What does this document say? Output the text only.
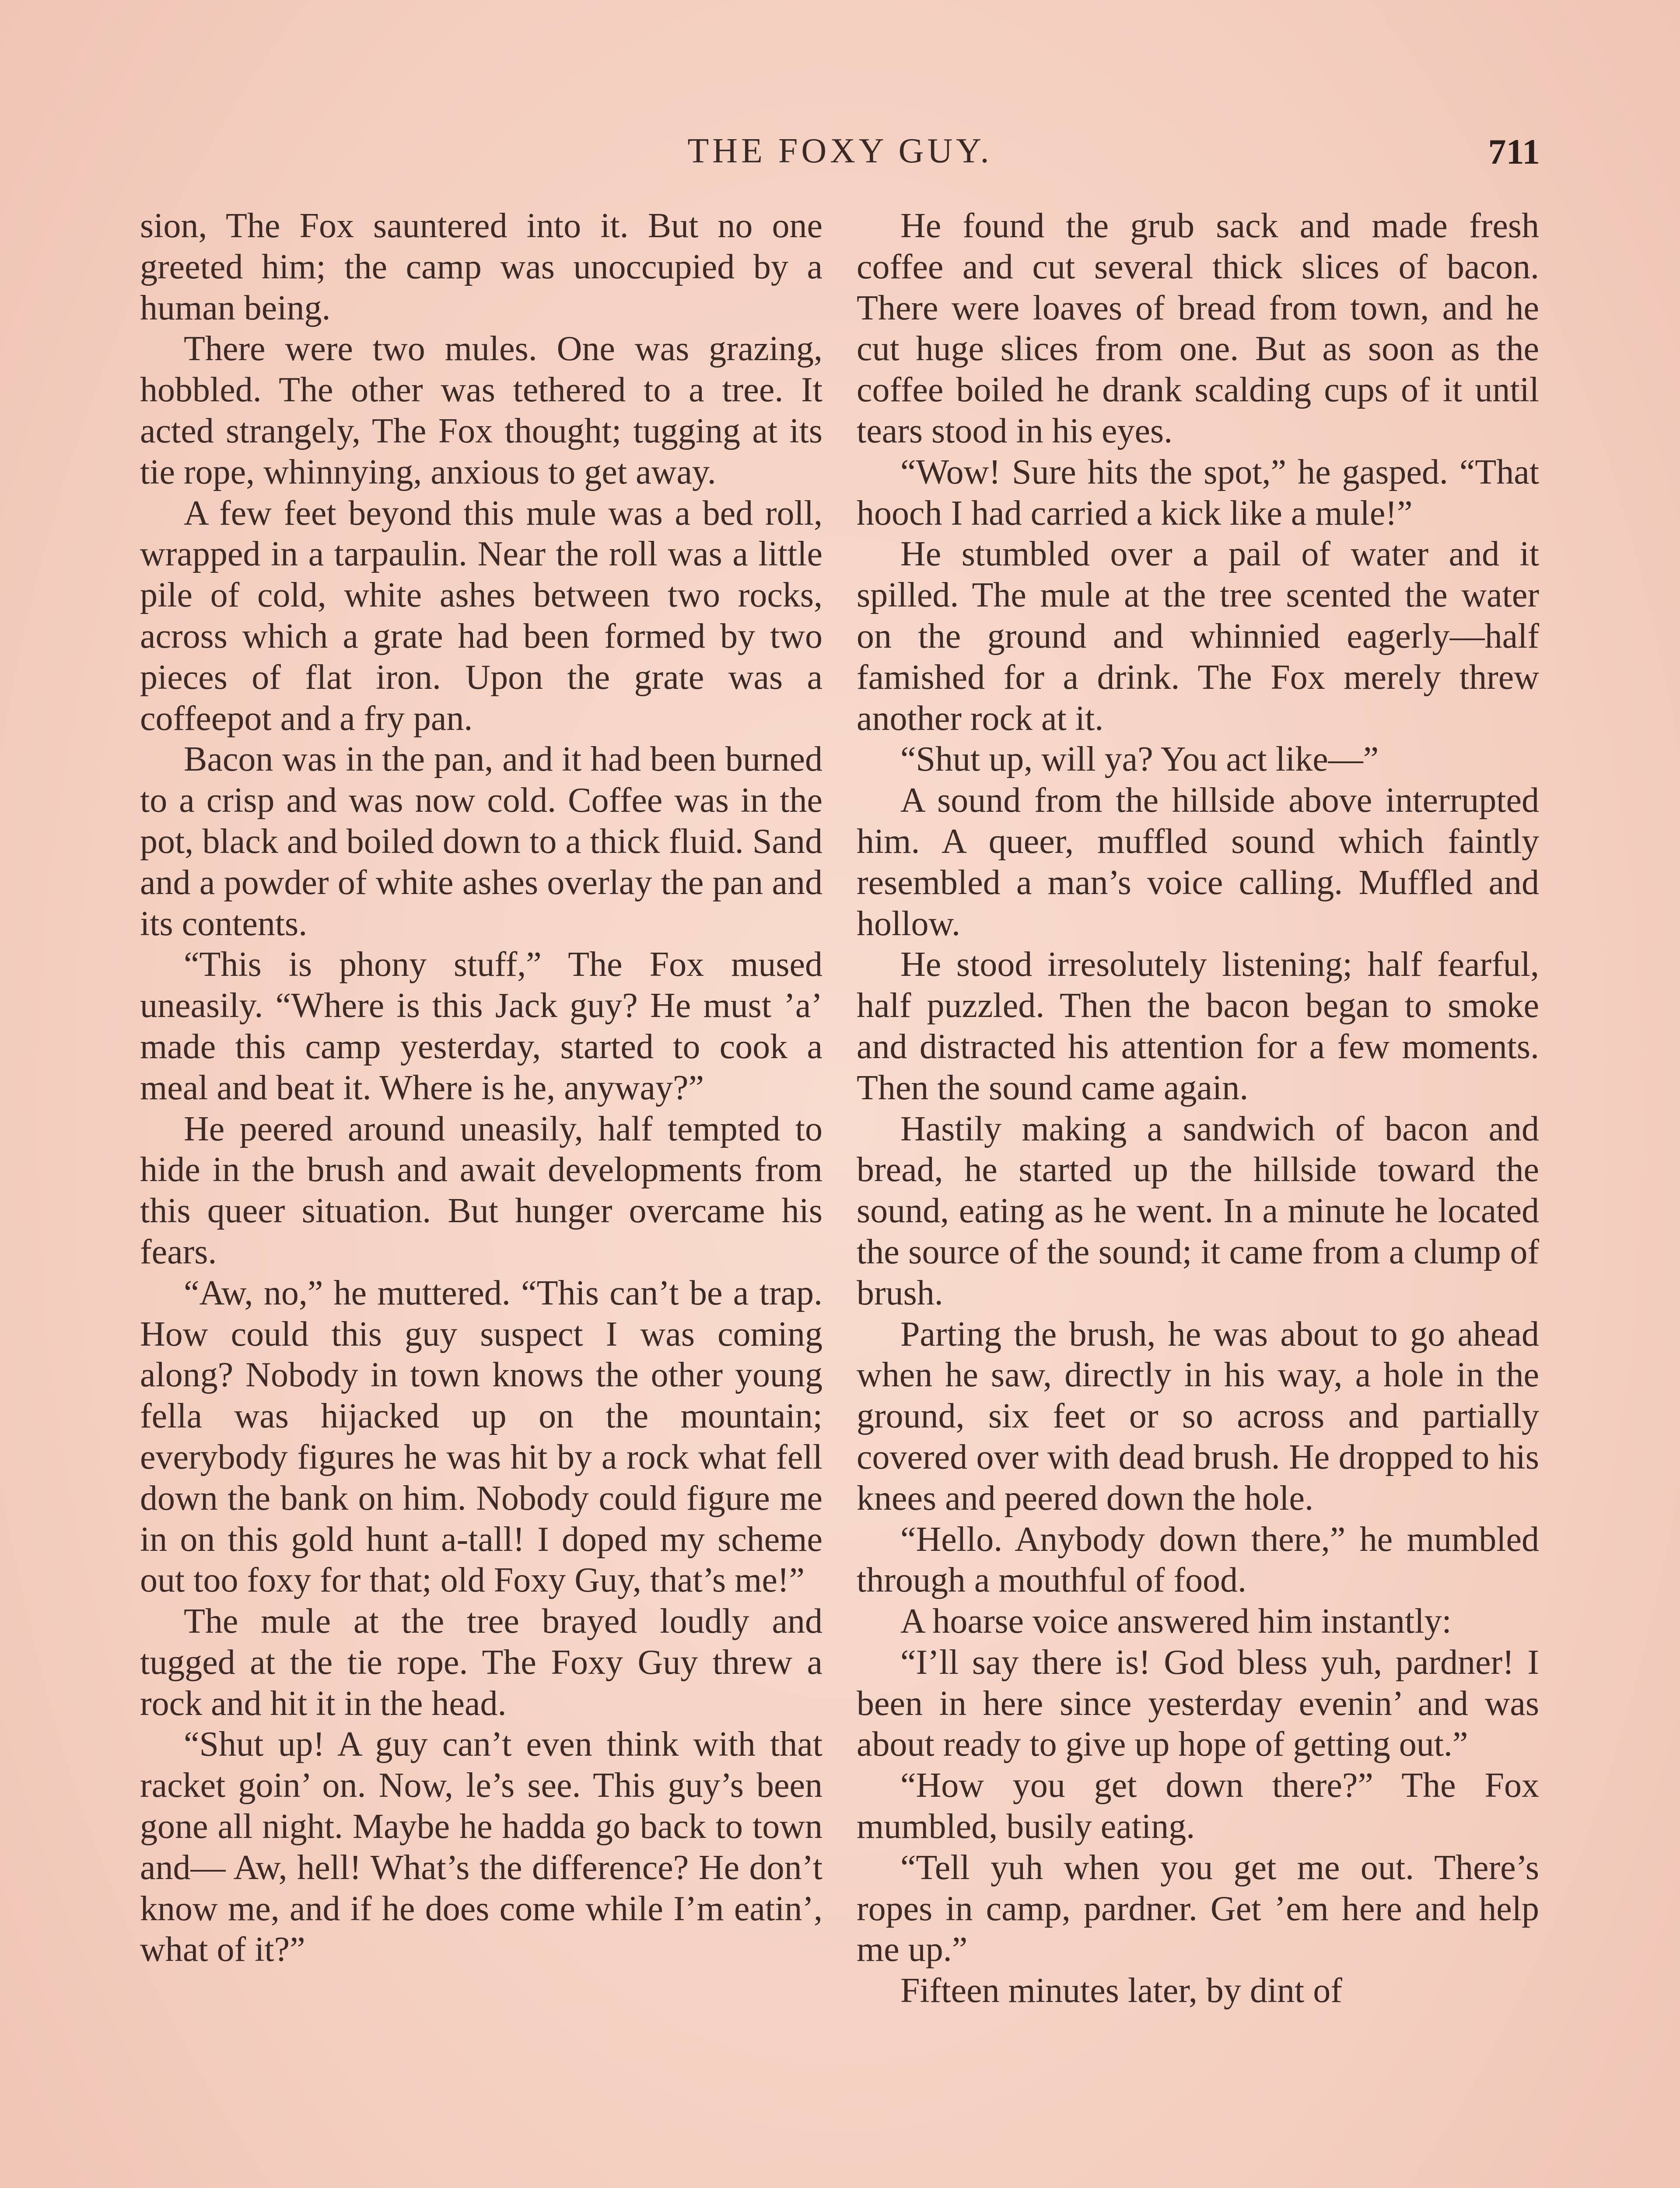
THE FOXY GUY.	711

sion, The Fox sauntered into it. But no one greeted him; the camp was unoccupied by a human being.

There were two mules. One was grazing, hobbled. The other was tethered to a tree. It acted strangely, The Fox thought; tugging at its tie rope, whinnying, anxious to get away.

A few feet beyond this mule was a bed roll, wrapped in a tarpaulin. Near the roll was a little pile of cold, white ashes between two rocks, across which a grate had been formed by two pieces of flat iron. Upon the grate was a coffeepot and a fry pan.

Bacon was in the pan, and it had been burned to a crisp and was now cold. Coffee was in the pot, black and boiled down to a thick fluid. Sand and a powder of white ashes overlay the pan and its contents.

“This is phony stuff,” The Fox mused uneasily. “Where is this Jack guy? He must ’a’ made this camp yesterday, started to cook a meal and beat it. Where is he, anyway?”

He peered around uneasily, half tempted to hide in the brush and await developments from this queer situation. But hunger overcame his fears.

“Aw, no,” he muttered. “This can’t be a trap. How could this guy suspect I was coming along? Nobody in town knows the other young fella was hijacked up on the mountain; everybody figures he was hit by a rock what fell down the bank on him. Nobody could figure me in on this gold hunt a-tall! I doped my scheme out too foxy for that; old Foxy Guy, that’s me!”

The mule at the tree brayed loudly and tugged at the tie rope. The Foxy Guy threw a rock and hit it in the head.

“Shut up! A guy can’t even think with that racket goin’ on. Now, le’s see. This guy’s been gone all night. Maybe he hadda go back to town and— Aw, hell! What’s the difference? He don’t know me, and if he does come while I’m eatin’, what of it?”

He found the grub sack and made fresh coffee and cut several thick slices of bacon. There were loaves of bread from town, and he cut huge slices from one. But as soon as the coffee boiled he drank scalding cups of it until tears stood in his eyes.

“Wow! Sure hits the spot,” he gasped. “That hooch I had carried a kick like a mule!”

He stumbled over a pail of water and it spilled. The mule at the tree scented the water on the ground and whinnied eagerly—half famished for a drink. The Fox merely threw another rock at it.

“Shut up, will ya? You act like—”

A sound from the hillside above interrupted him. A queer, muffled sound which faintly resembled a man’s voice calling. Muffled and hollow.

He stood irresolutely listening; half fearful, half puzzled. Then the bacon began to smoke and distracted his attention for a few moments. Then the sound came again.

Hastily making a sandwich of bacon and bread, he started up the hillside toward the sound, eating as he went. In a minute he located the source of the sound; it came from a clump of brush.

Parting the brush, he was about to go ahead when he saw, directly in his way, a hole in the ground, six feet or so across and partially covered over with dead brush. He dropped to his knees and peered down the hole.

“Hello. Anybody down there,” he mumbled through a mouthful of food.

A hoarse voice answered him instantly:

“I’ll say there is! God bless yuh, pardner! I been in here since yesterday evenin’ and was about ready to give up hope of getting out.”

“How you get down there?” The Fox mumbled, busily eating.

“Tell yuh when you get me out. There’s ropes in camp, pardner. Get ’em here and help me up.”

Fifteen minutes later, by dint of
